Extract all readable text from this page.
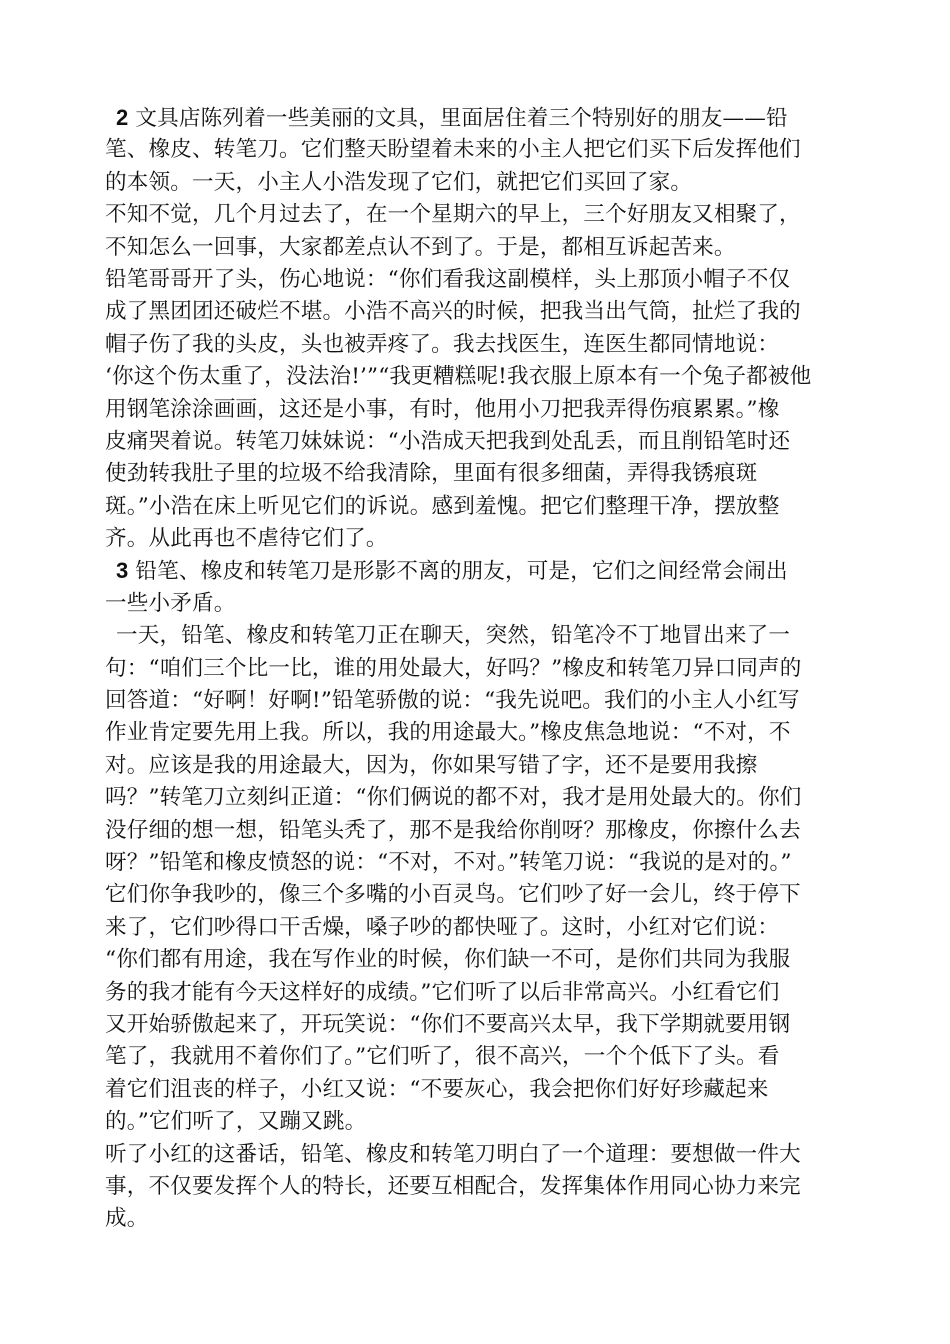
2 文具店陈列着一些美丽的文具，里面居住着三个特别好的朋友——铅
笔、橡皮、转笔刀。它们整天盼望着未来的小主人把它们买下后发挥他们
的本领。一天，小主人小浩发现了它们，就把它们买回了家。
不知不觉，几个月过去了，在一个星期六的早上，三个好朋友又相聚了，
不知怎么一回事，大家都差点认不到了。于是，都相互诉起苦来。
铅笔哥哥开了头，伤心地说：“你们看我这副模样，头上那顶小帽子不仅
成了黑团团还破烂不堪。小浩不高兴的时候，把我当出气筒，扯烂了我的
帽子伤了我的头皮，头也被弄疼了。我去找医生，连医生都同情地说：
‘你这个伤太重了，没法治!’”“我更糟糕呢!我衣服上原本有一个兔子都被他
用钢笔涂涂画画，这还是小事，有时，他用小刀把我弄得伤痕累累。”橡
皮痛哭着说。转笔刀妹妹说：“小浩成天把我到处乱丢，而且削铅笔时还
使劲转我肚子里的垃圾不给我清除，里面有很多细菌，弄得我锈痕斑
斑。”小浩在床上听见它们的诉说。感到羞愧。把它们整理干净，摆放整
齐。从此再也不虐待它们了。
3 铅笔、橡皮和转笔刀是形影不离的朋友，可是，它们之间经常会闹出
一些小矛盾。
一天，铅笔、橡皮和转笔刀正在聊天，突然，铅笔冷不丁地冒出来了一
句：“咱们三个比一比，谁的用处最大，好吗？”橡皮和转笔刀异口同声的
回答道：“好啊！好啊!”铅笔骄傲的说：“我先说吧。我们的小主人小红写
作业肯定要先用上我。所以，我的用途最大。”橡皮焦急地说：“不对，不
对。应该是我的用途最大，因为，你如果写错了字，还不是要用我擦
吗？”转笔刀立刻纠正道：“你们俩说的都不对，我才是用处最大的。你们
没仔细的想一想，铅笔头秃了，那不是我给你削呀？那橡皮，你擦什么去
呀？”铅笔和橡皮愤怒的说：“不对，不对。”转笔刀说：“我说的是对的。”
它们你争我吵的，像三个多嘴的小百灵鸟。它们吵了好一会儿，终于停下
来了，它们吵得口干舌燥，嗓子吵的都快哑了。这时，小红对它们说：
“你们都有用途，我在写作业的时候，你们缺一不可，是你们共同为我服
务的我才能有今天这样好的成绩。”它们听了以后非常高兴。小红看它们
又开始骄傲起来了，开玩笑说：“你们不要高兴太早，我下学期就要用钢
笔了，我就用不着你们了。”它们听了，很不高兴，一个个低下了头。看
着它们沮丧的样子，小红又说：“不要灰心，我会把你们好好珍藏起来
的。”它们听了，又蹦又跳。
听了小红的这番话，铅笔、橡皮和转笔刀明白了一个道理：要想做一件大
事，不仅要发挥个人的特长，还要互相配合，发挥集体作用同心协力来完
成。
